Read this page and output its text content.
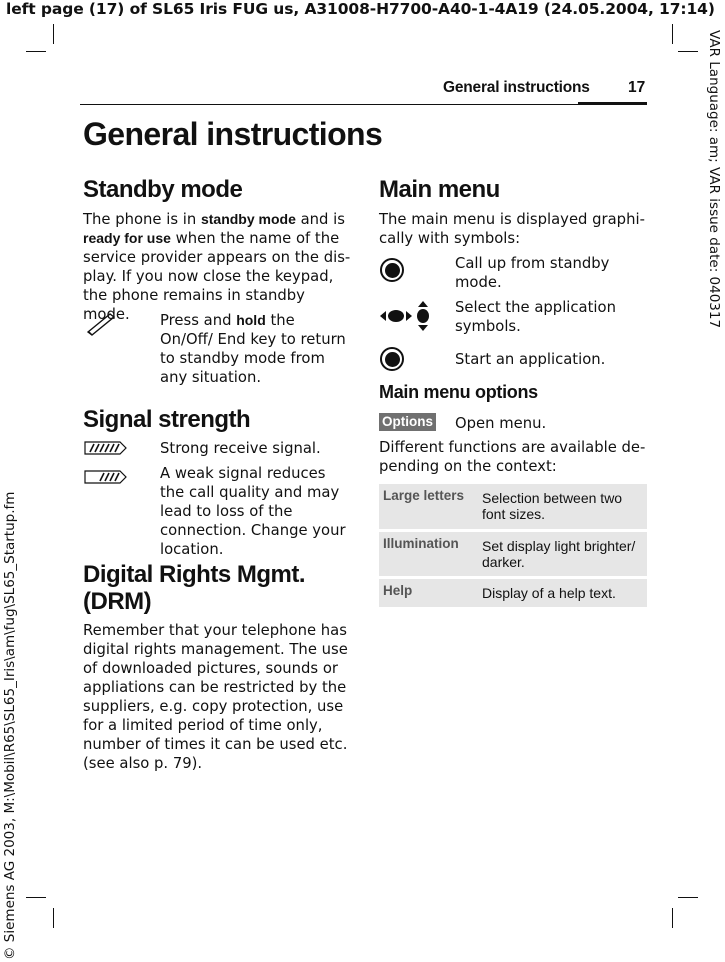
left page (17) of SL65 Iris FUG us, A31008-H7700-A40-1-4A19 (24.05.2004, 17:14)
VAR Language: am; VAR issue date: 040317
© Siemens AG 2003, M:\Mobil\R65\SL65_Iris\am\fug\SL65_Startup.fm
General instructions 17
General instructions
Standby mode
The phone is in standby mode and is ready for use when the name of the service provider appears on the dis-play. If you now close the keypad, the phone remains in standby mode.	Press and hold the On/Off/ End key to return to standby mode from any situation.
Signal strength
Strong receive signal.
A weak signal reduces the call quality and may lead to loss of the connection. Change your location.
Digital Rights Mgmt.
(DRM)
Remember that your telephone has digital rights management. The use of downloaded pictures, sounds or appliations can be restricted by the suppliers, e.g. copy protection, use for a limited period of time only, number of times it can be used etc. (see also p. 79).
Main menu
The main menu is displayed graphi-cally with symbols:
Call up from standby mode.
Select the application symbols.
Start an application.
Main menu options
Options Open menu.
Different functions are available de-pending on the context:
Large letters	Selection between two font sizes.
Illumination	Set display light brighter/ darker.
Help	Display of a help text.
